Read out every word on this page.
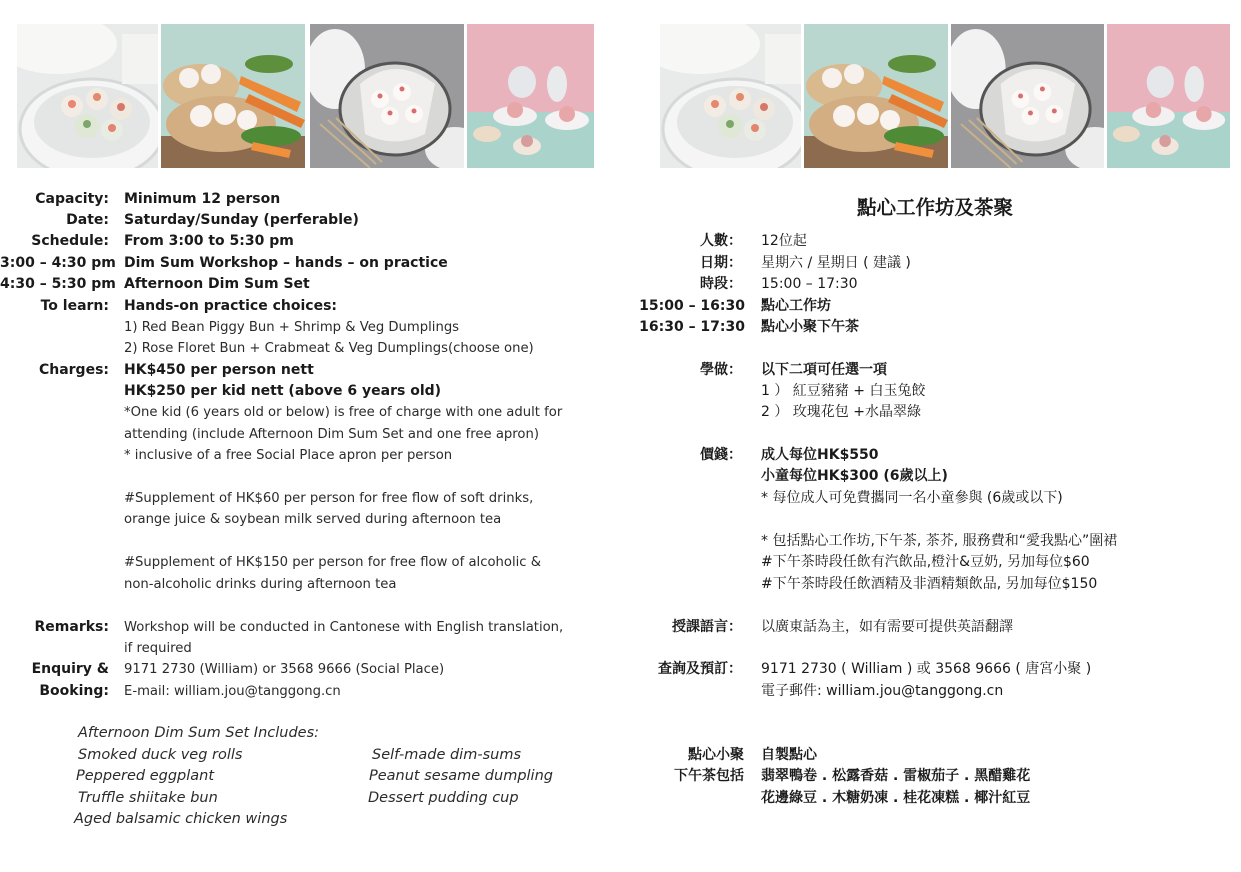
Capacity: Minimum 12 person
Date: Saturday/Sunday (perferable)
Schedule: From 3:00 to 5:30 pm
3:00 – 4:30 pm Dim Sum Workshop – hands – on practice
4:30 – 5:30 pm Afternoon Dim Sum Set
To learn: Hands-on practice choices:
1) Red Bean Piggy Bun + Shrimp & Veg Dumplings
2) Rose Floret Bun + Crabmeat & Veg Dumplings(choose one)
Charges: HK$450 per person nett
HK$250 per kid nett (above 6 years old)
*One kid (6 years old or below) is free of charge with one adult for
attending (include Afternoon Dim Sum Set and one free apron)
* inclusive of a free Social Place apron per person
#Supplement of HK$60 per person for free flow of soft drinks,
orange juice & soybean milk served during afternoon tea
#Supplement of HK$150 per person for free flow of alcoholic &
non-alcoholic drinks during afternoon tea
Remarks: Workshop will be conducted in Cantonese with English translation,
if required
Enquiry &
Booking:
9171 2730 (William) or 3568 9666 (Social Place)
E-mail: william.jou@tanggong.cn
Afternoon Dim Sum Set Includes:
Smoked duck veg rolls
Peppered eggplant
Truffle shiitake bun
Aged balsamic chicken wings
Self-made dim-sums
Peanut sesame dumpling
Dessert pudding cup
點心工作坊及茶聚
人數： 12位起
日期： 星期六 / 星期日 ( 建議 )
時段： 15:00 – 17:30
15:00 – 16:30 點心工作坊
16:30 – 17:30 點心小聚下午茶
學做： 以下二項可任選一項
1 ） 紅豆豬豬 + 白玉兔餃
2 ） 玫瑰花包 +水晶翠綠
價錢： 成人每位HK$550
小童每位HK$300 (6歲以上)
* 每位成人可免費攜同一名小童參與 (6歲或以下)
* 包括點心工作坊,下午茶, 茶芥, 服務費和“愛我點心”圍裙
#下午茶時段任飲有汽飲品,橙汁&豆奶, 另加每位$60
#下午茶時段任飲酒精及非酒精類飲品, 另加每位$150
授課語言： 以廣東話為主，如有需要可提供英語翻譯
查詢及預訂： 9171 2730 ( William ) 或 3568 9666 ( 唐宮小聚 )
電子郵件: william.jou@tanggong.cn
點心小聚
下午茶包括
自製點心
翡翠鴨卷 . 松露香菇 . 雷椒茄子 . 黑醋雞花
花邊綠豆 . 木糖奶凍 . 桂花凍糕 . 椰汁紅豆
